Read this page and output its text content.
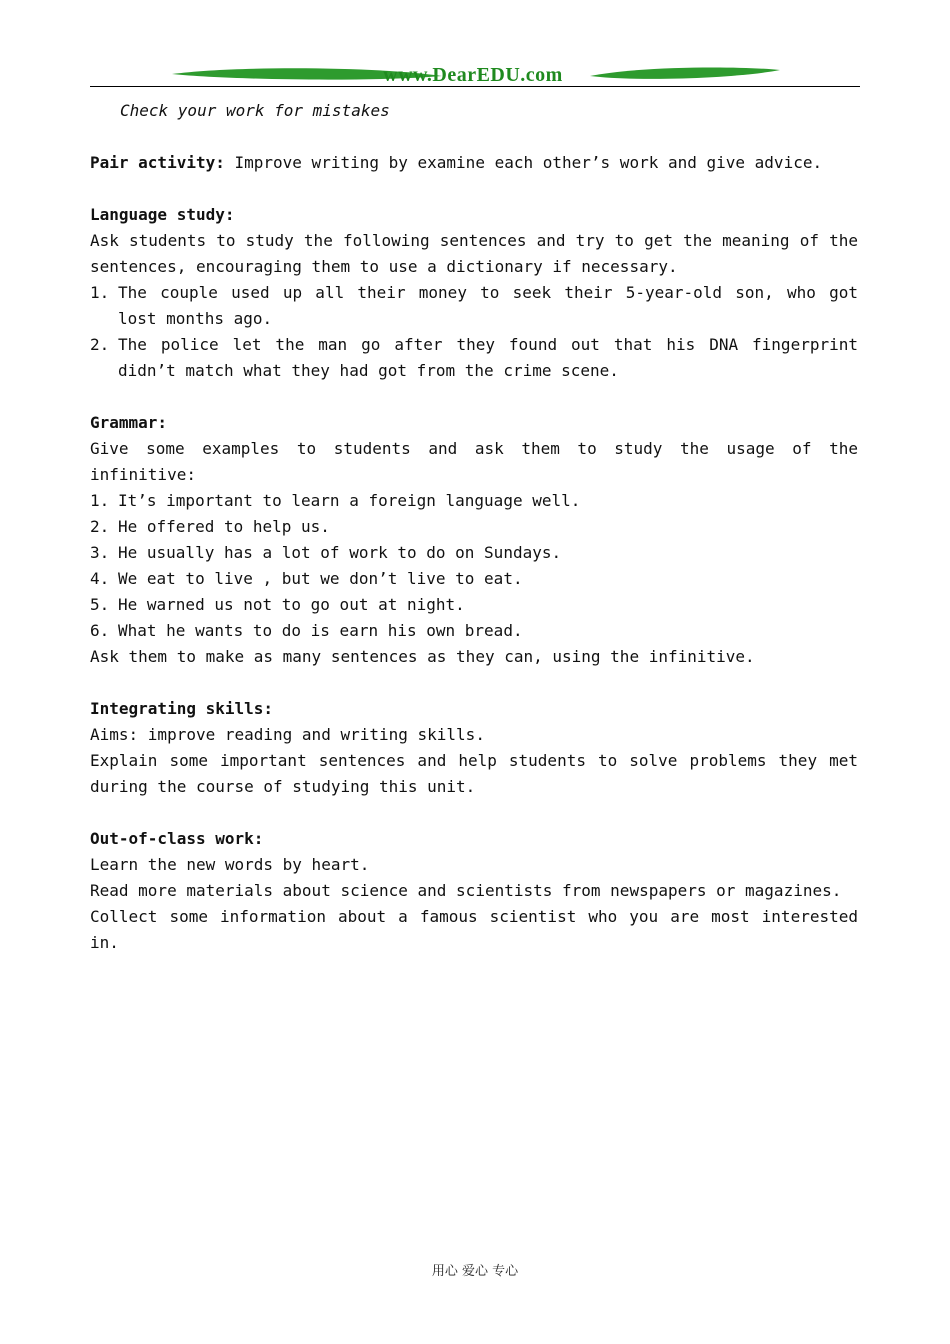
www.DearEDU.com

Check your work for mistakes

Pair activity: Improve writing by examine each other’s work and give advice.

Language study:

Ask students to study the following sentences and try to get the meaning of the sentences, encouraging them to use a dictionary if necessary.

1. The couple used up all their money to seek their 5-year-old son, who got lost months ago.
2. The police let the man go after they found out that his DNA fingerprint didn’t match what they had got from the crime scene.

Grammar:

Give some examples to students and ask them to study the usage of the infinitive:

1. It’s important to learn a foreign language well.
2. He offered to help us.
3. He usually has a lot of work to do on Sundays.
4. We eat to live , but we don’t live to eat.
5. He warned us not to go out at night.
6. What he wants to do is earn his own bread.

Ask them to make as many sentences as they can, using the infinitive.

Integrating skills:

Aims: improve reading and writing skills.

Explain some important sentences and help students to solve problems they met during the course of studying this unit.

Out-of-class work:

Learn the new words by heart.

Read more materials about science and scientists from newspapers or magazines.

Collect some information about a famous scientist who you are most interested in.

用心 爱心 专心
